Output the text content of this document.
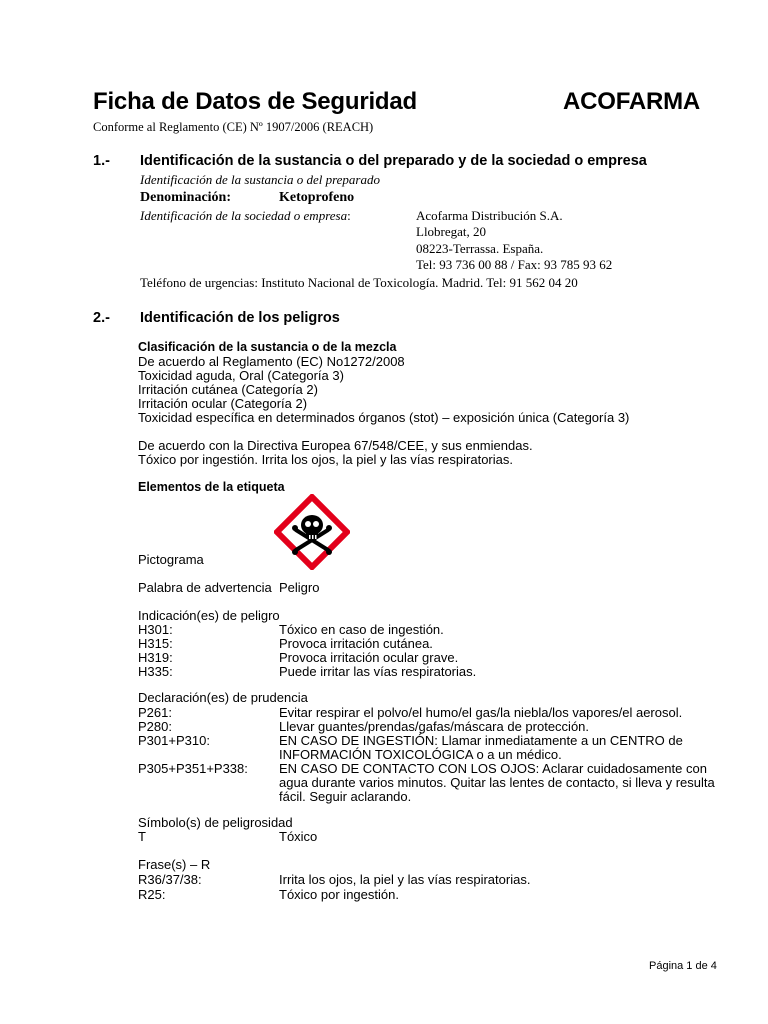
Ficha de Datos de Seguridad	ACOFARMA
Conforme al Reglamento (CE) Nº 1907/2006 (REACH)
1.- Identificación de la sustancia o del preparado y de la sociedad o empresa
Identificación de la sustancia o del preparado
Denominación:	Ketoprofeno
Identificación de la sociedad o empresa:	Acofarma Distribución S.A.
Llobregat, 20
08223-Terrassa. España.
Tel: 93 736 00 88 / Fax: 93 785 93 62
Teléfono de urgencias: Instituto Nacional de Toxicología. Madrid. Tel: 91 562 04 20
2.- Identificación de los peligros
Clasificación de la sustancia o de la mezcla
De acuerdo al Reglamento (EC) No1272/2008
Toxicidad aguda, Oral (Categoría 3)
Irritación cutánea (Categoría 2)
Irritación ocular (Categoría 2)
Toxicidad específica en determinados órganos (stot) – exposición única (Categoría 3)
De acuerdo con la Directiva Europea 67/548/CEE, y sus enmiendas.
Tóxico por ingestión. Irrita los ojos, la piel y las vías respiratorias.
Elementos de la etiqueta
Pictograma
Palabra de advertencia Peligro
Indicación(es) de peligro
H301:	Tóxico en caso de ingestión.
H315:	Provoca irritación cutánea.
H319:	Provoca irritación ocular grave.
H335:	Puede irritar las vías respiratorias.
Declaración(es) de prudencia
P261:	Evitar respirar el polvo/el humo/el gas/la niebla/los vapores/el aerosol.
P280:	Llevar guantes/prendas/gafas/máscara de protección.
P301+P310:	EN CASO DE INGESTIÓN: Llamar inmediatamente a un CENTRO de
INFORMACIÓN TOXICOLÓGICA o a un médico.
P305+P351+P338: EN CASO DE CONTACTO CON LOS OJOS: Aclarar cuidadosamente con
agua durante varios minutos. Quitar las lentes de contacto, si lleva y resulta
fácil. Seguir aclarando.
Símbolo(s) de peligrosidad
T	Tóxico
Frase(s) – R
R36/37/38:	Irrita los ojos, la piel y las vías respiratorias.
R25:	Tóxico por ingestión.
Página 1 de 4
